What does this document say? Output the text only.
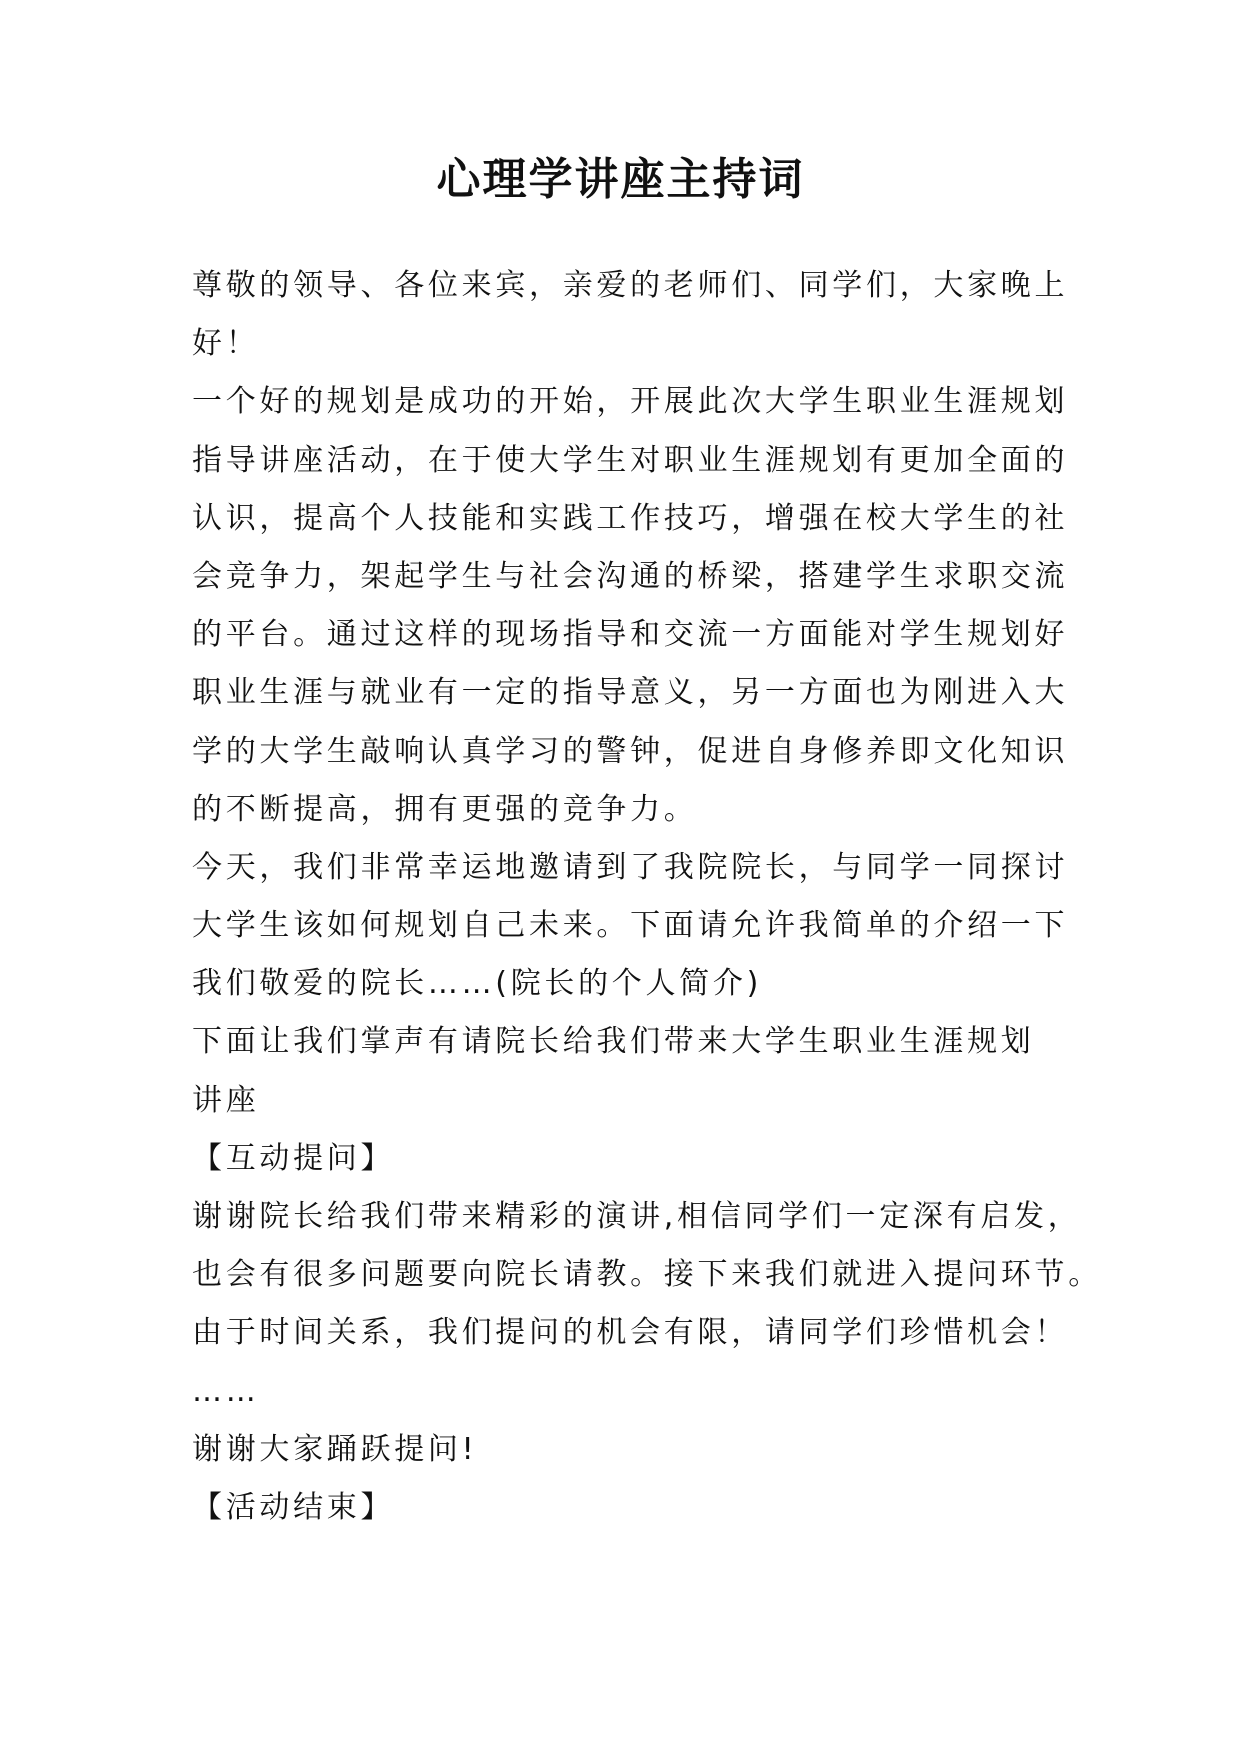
心理学讲座主持词
尊敬的领导、各位来宾，亲爱的老师们、同学们，大家晚上
好！
一个好的规划是成功的开始，开展此次大学生职业生涯规划
指导讲座活动，在于使大学生对职业生涯规划有更加全面的
认识，提高个人技能和实践工作技巧，增强在校大学生的社
会竞争力，架起学生与社会沟通的桥梁，搭建学生求职交流
的平台。通过这样的现场指导和交流一方面能对学生规划好
职业生涯与就业有一定的指导意义，另一方面也为刚进入大
学的大学生敲响认真学习的警钟，促进自身修养即文化知识
的不断提高，拥有更强的竞争力。
今天，我们非常幸运地邀请到了我院院长，与同学一同探讨
大学生该如何规划自己未来。下面请允许我简单的介绍一下
我们敬爱的院长……(院长的个人简介)
下面让我们掌声有请院长给我们带来大学生职业生涯规划
讲座
【互动提问】
谢谢院长给我们带来精彩的演讲,相信同学们一定深有启发，
也会有很多问题要向院长请教。接下来我们就进入提问环节。
由于时间关系，我们提问的机会有限，请同学们珍惜机会！
……
谢谢大家踊跃提问!
【活动结束】
